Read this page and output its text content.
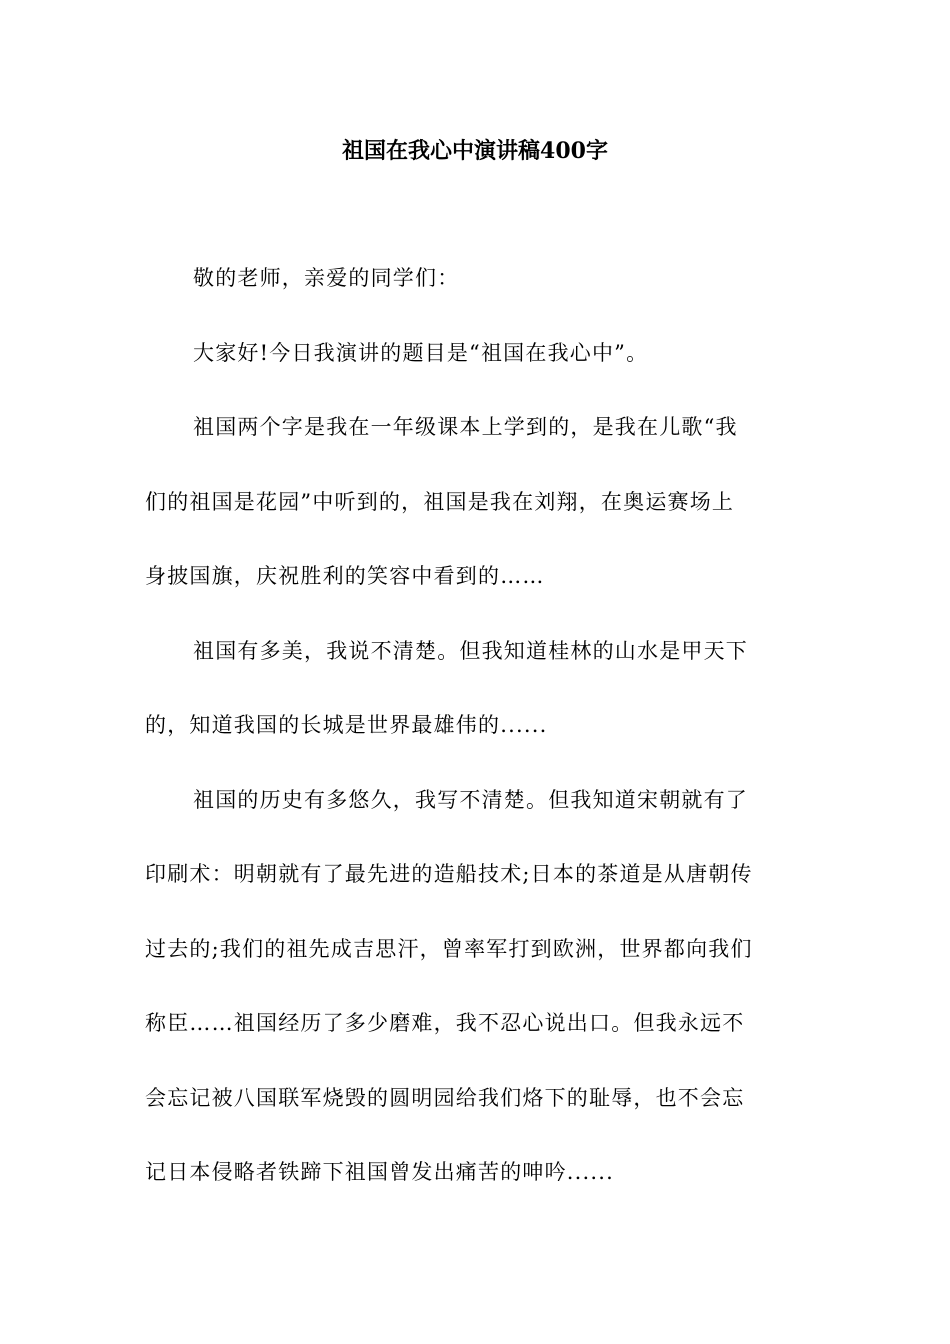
祖国在我心中演讲稿400字
敬的老师，亲爱的同学们：
大家好!今日我演讲的题目是“祖国在我心中”。
祖国两个字是我在一年级课本上学到的，是我在儿歌“我
们的祖国是花园”中听到的，祖国是我在刘翔，在奥运赛场上
身披国旗，庆祝胜利的笑容中看到的……
祖国有多美，我说不清楚。但我知道桂林的山水是甲天下
的，知道我国的长城是世界最雄伟的......
祖国的历史有多悠久，我写不清楚。但我知道宋朝就有了
印刷术：明朝就有了最先进的造船技术;日本的茶道是从唐朝传
过去的;我们的祖先成吉思汗，曾率军打到欧洲，世界都向我们
称臣……祖国经历了多少磨难，我不忍心说出口。但我永远不
会忘记被八国联军烧毁的圆明园给我们烙下的耻辱，也不会忘
记日本侵略者铁蹄下祖国曾发出痛苦的呻吟......
